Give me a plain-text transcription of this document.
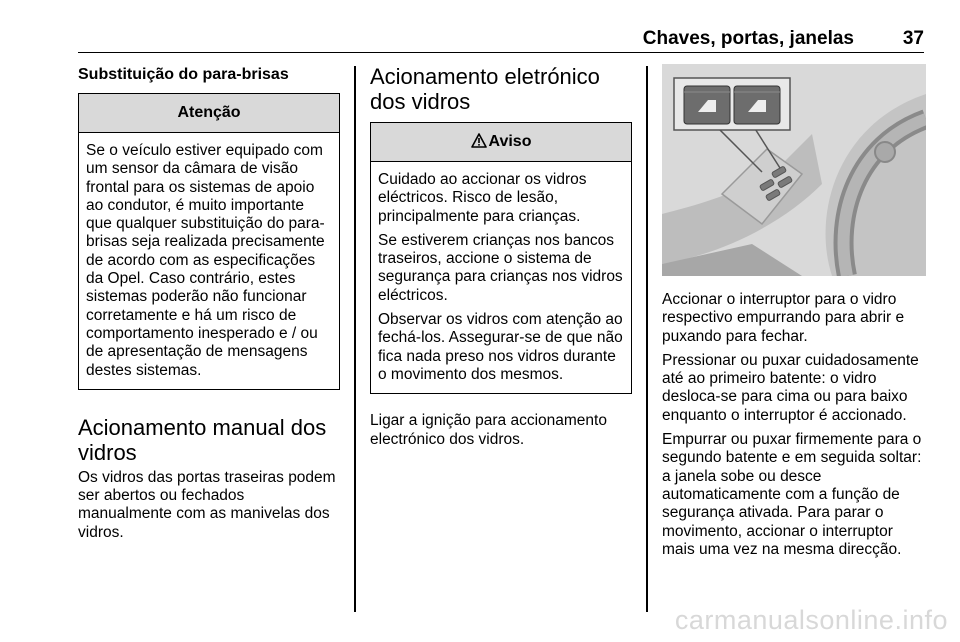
Chaves, portas, janelas	37
Substituição do para-brisas
Atenção

Se o veículo estiver equipado com um sensor da câmara de visão frontal para os sistemas de apoio ao condutor, é muito importante que qualquer substituição do para-brisas seja realizada precisamente de acordo com as especificações da Opel. Caso contrário, estes sistemas poderão não funcionar corretamente e há um risco de comportamento inesperado e / ou de apresentação de mensagens destes sistemas.

Acionamento manual dos vidros

Os vidros das portas traseiras podem ser abertos ou fechados manualmente com as manivelas dos vidros.

Acionamento eletrónico dos vidros
Aviso

Cuidado ao accionar os vidros eléctricos. Risco de lesão, principalmente para crianças.

Se estiverem crianças nos bancos traseiros, accione o sistema de segurança para crianças nos vidros eléctricos.

Observar os vidros com atenção ao fechá-los. Assegurar-se de que não fica nada preso nos vidros durante o movimento dos mesmos.

Ligar a ignição para accionamento electrónico dos vidros.

Accionar o interruptor para o vidro respectivo empurrando para abrir e puxando para fechar.

Pressionar ou puxar cuidadosamente até ao primeiro batente: o vidro desloca-se para cima ou para baixo enquanto o interruptor é accionado.

Empurrar ou puxar firmemente para o segundo batente e em seguida soltar: a janela sobe ou desce automaticamente com a função de segurança ativada. Para parar o movimento, accionar o interruptor mais uma vez na mesma direcção.

carmanualsonline.info
